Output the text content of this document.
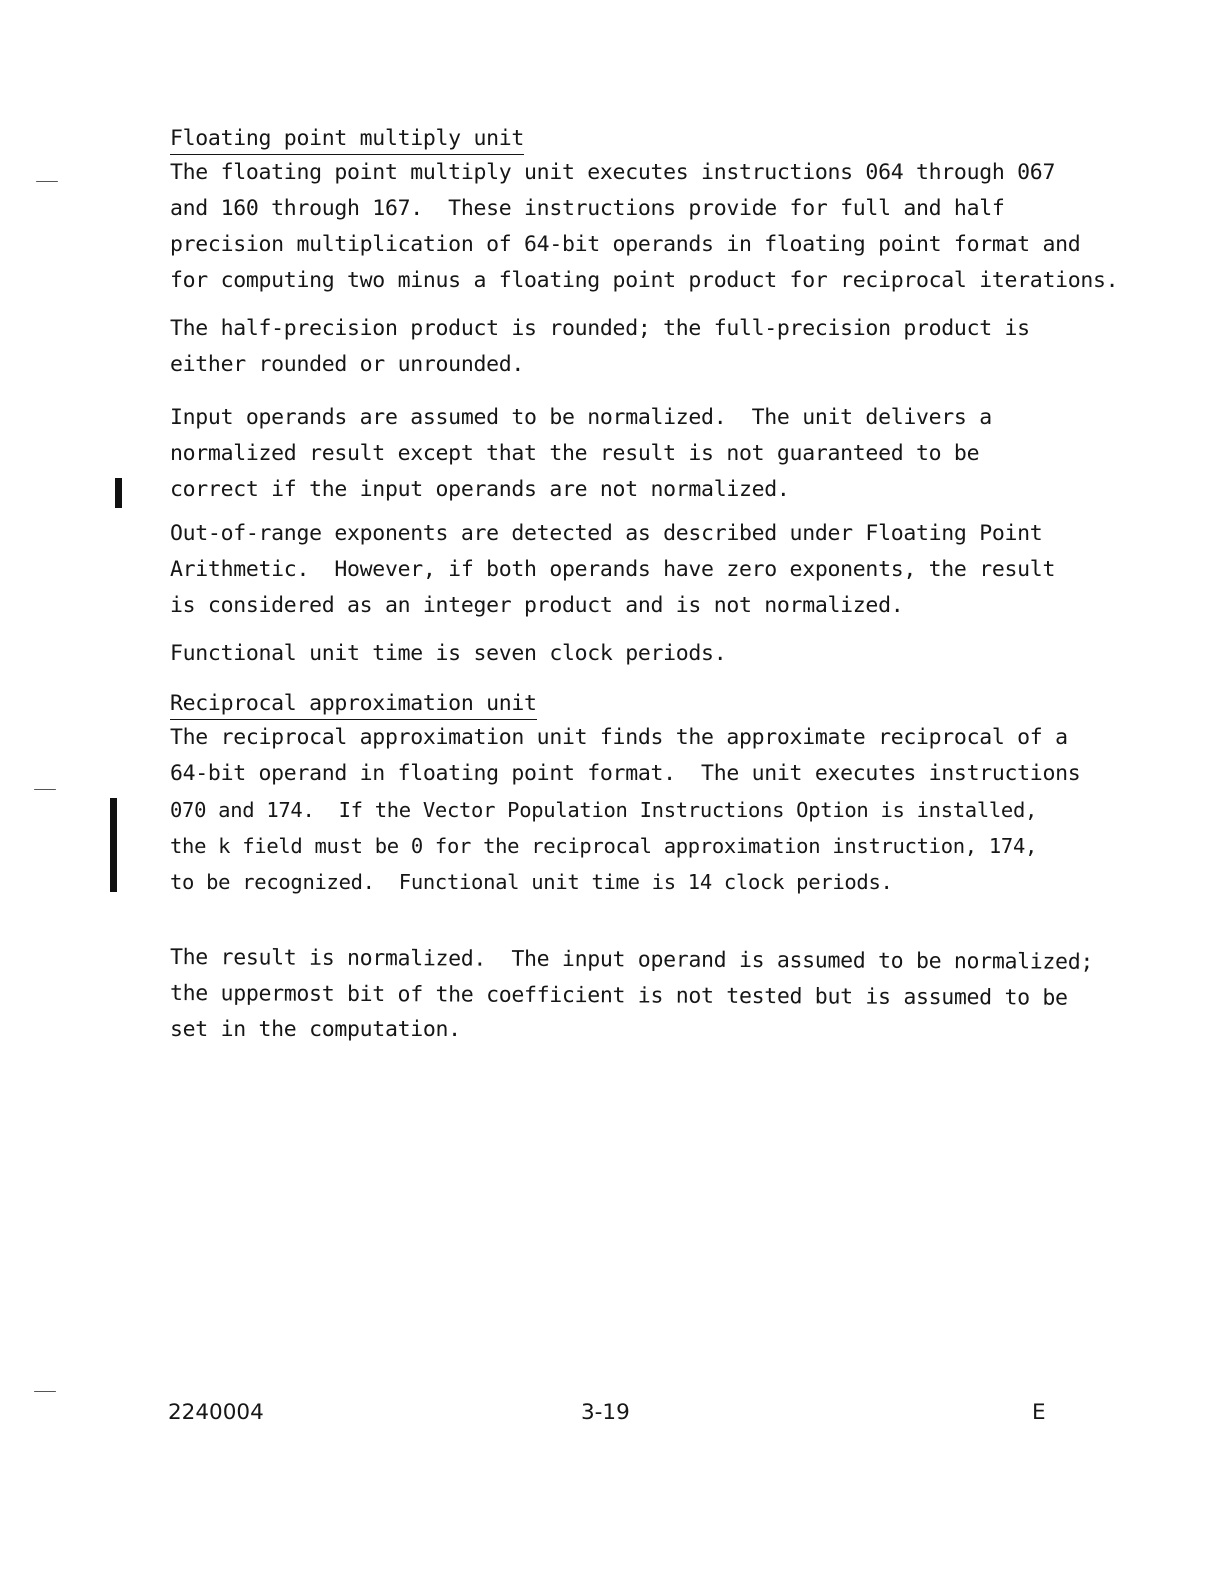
Floating point multiply unit
The floating point multiply unit executes instructions 064 through 067
and 160 through 167.  These instructions provide for full and half
precision multiplication of 64-bit operands in floating point format and
for computing two minus a floating point product for reciprocal iterations.
The half-precision product is rounded; the full-precision product is
either rounded or unrounded.
Input operands are assumed to be normalized.  The unit delivers a
normalized result except that the result is not guaranteed to be
correct if the input operands are not normalized.
Out-of-range exponents are detected as described under Floating Point
Arithmetic.  However, if both operands have zero exponents, the result
is considered as an integer product and is not normalized.
Functional unit time is seven clock periods.
Reciprocal approximation unit
The reciprocal approximation unit finds the approximate reciprocal of a
64-bit operand in floating point format.  The unit executes instructions
070 and 174.  If the Vector Population Instructions Option is installed,
the k field must be 0 for the reciprocal approximation instruction, 174,
to be recognized.  Functional unit time is 14 clock periods.
The result is normalized.  The input operand is assumed to be normalized;
the uppermost bit of the coefficient is not tested but is assumed to be
set in the computation.
2240004	3-19	E
